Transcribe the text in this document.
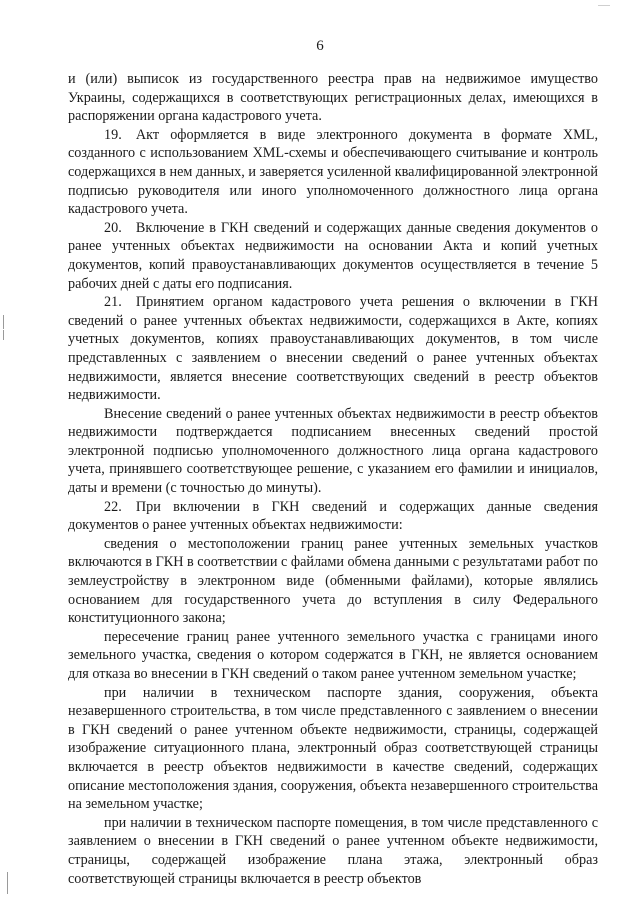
6

и (или) выписок из государственного реестра прав на недвижимое имущество Украины, содержащихся в соответствующих регистрационных делах, имеющихся в распоряжении органа кадастрового учета.

19. Акт оформляется в виде электронного документа в формате XML, созданного с использованием XML-схемы и обеспечивающего считывание и контроль содержащихся в нем данных, и заверяется усиленной квалифицированной электронной подписью руководителя или иного уполномоченного должностного лица органа кадастрового учета.

20. Включение в ГКН сведений и содержащих данные сведения документов о ранее учтенных объектах недвижимости на основании Акта и копий учетных документов, копий правоустанавливающих документов осуществляется в течение 5 рабочих дней с даты его подписания.

21. Принятием органом кадастрового учета решения о включении в ГКН сведений о ранее учтенных объектах недвижимости, содержащихся в Акте, копиях учетных документов, копиях правоустанавливающих документов, в том числе представленных с заявлением о внесении сведений о ранее учтенных объектах недвижимости, является внесение соответствующих сведений в реестр объектов недвижимости.

Внесение сведений о ранее учтенных объектах недвижимости в реестр объектов недвижимости подтверждается подписанием внесенных сведений простой электронной подписью уполномоченного должностного лица органа кадастрового учета, принявшего соответствующее решение, с указанием его фамилии и инициалов, даты и времени (с точностью до минуты).

22. При включении в ГКН сведений и содержащих данные сведения документов о ранее учтенных объектах недвижимости:

сведения о местоположении границ ранее учтенных земельных участков включаются в ГКН в соответствии с файлами обмена данными с результатами работ по землеустройству в электронном виде (обменными файлами), которые являлись основанием для государственного учета до вступления в силу Федерального конституционного закона;

пересечение границ ранее учтенного земельного участка с границами иного земельного участка, сведения о котором содержатся в ГКН, не является основанием для отказа во внесении в ГКН сведений о таком ранее учтенном земельном участке;

при наличии в техническом паспорте здания, сооружения, объекта незавершенного строительства, в том числе представленного с заявлением о внесении в ГКН сведений о ранее учтенном объекте недвижимости, страницы, содержащей изображение ситуационного плана, электронный образ соответствующей страницы включается в реестр объектов недвижимости в качестве сведений, содержащих описание местоположения здания, сооружения, объекта незавершенного строительства на земельном участке;

при наличии в техническом паспорте помещения, в том числе представленного с заявлением о внесении в ГКН сведений о ранее учтенном объекте недвижимости, страницы, содержащей изображение плана этажа, электронный образ соответствующей страницы включается в реестр объектов
